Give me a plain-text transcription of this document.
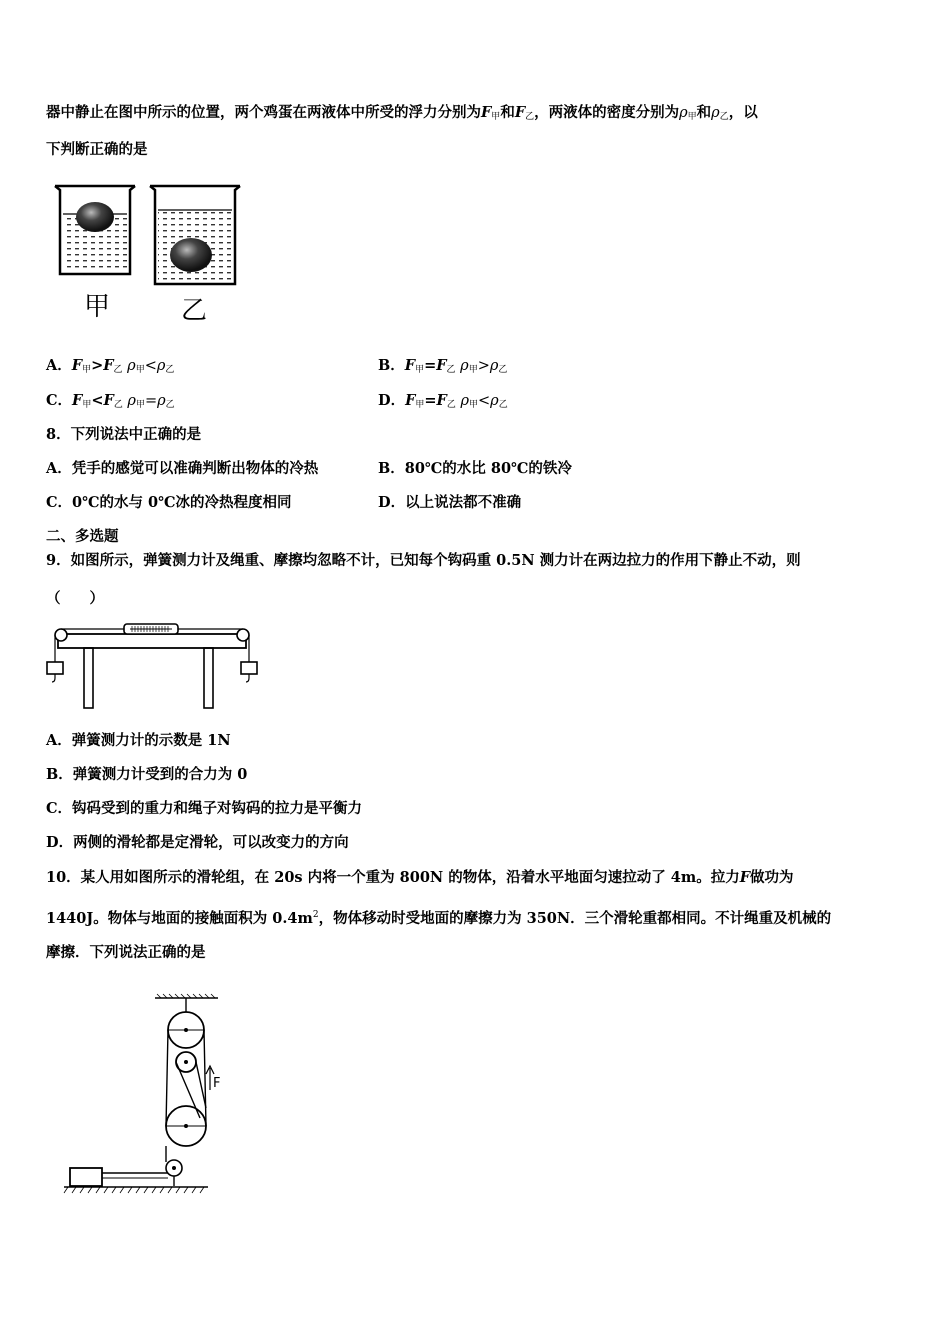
器中静止在图中所示的位置，两个鸡蛋在两液体中所受的浮力分别为$F_甲$和$F_乙$，两液体的密度分别为$\rho_甲$和$\rho_乙$，以
下判断正确的是
甲	乙
A．$F_甲>F_乙$ $\rho_甲<\rho_乙$	B．$F_甲=F_乙$ $\rho_甲>\rho_乙$
C．$F_甲<F_乙$ $\rho_甲=\rho_乙$	D．$F_甲=F_乙$ $\rho_甲<\rho_乙$
8．下列说法中正确的是
A．凭手的感觉可以准确判断出物体的冷热	B．80℃的水比 80℃的铁冷
C．0℃的水与 0℃冰的冷热程度相同	D．以上说法都不准确
二、多选题
9．如图所示，弹簧测力计及绳重、摩擦均忽略不计，已知每个钩码重 0.5N 测力计在两边拉力的作用下静止不动，则
（　　）
A．弹簧测力计的示数是 1N
B．弹簧测力计受到的合力为 0
C．钩码受到的重力和绳子对钩码的拉力是平衡力
D．两侧的滑轮都是定滑轮，可以改变力的方向
10．某人用如图所示的滑轮组，在 20s 内将一个重为 800N 的物体，沿着水平地面匀速拉动了 4m。拉力F做功为
1440J。物体与地面的接触面积为 $0.4m^2$，物体移动时受地面的摩擦力为 350N．三个滑轮重都相同。不计绳重及机械的
摩擦．下列说法正确的是
F
